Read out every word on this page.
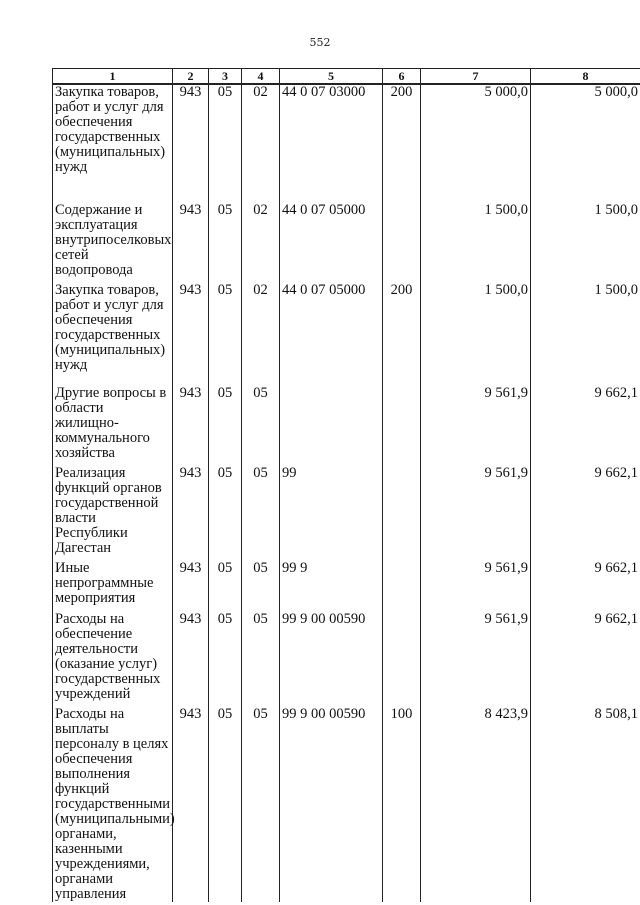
552
1	2	3	4	5	6	7	8

Закупка товаров, работ и услуг для обеспечения государственных (муниципальных) нужд	943	05	02	44 0 07 03000	200	5 000,0	5 000,0

Содержание и эксплуатация внутрипоселковых сетей водопровода	943	05	02	44 0 07 05000		1 500,0	1 500,0

Закупка товаров, работ и услуг для обеспечения государственных (муниципальных) нужд	943	05	02	44 0 07 05000	200	1 500,0	1 500,0

Другие вопросы в области жилищно-коммунального хозяйства	943	05	05			9 561,9	9 662,1

Реализация функций органов государственной власти Республики Дагестан	943	05	05	99		9 561,9	9 662,1

Иные непрограммные мероприятия	943	05	05	99 9		9 561,9	9 662,1

Расходы на обеспечение деятельности (оказание услуг) государственных учреждений	943	05	05	99 9 00 00590		9 561,9	9 662,1

Расходы на выплаты персоналу в целях обеспечения выполнения функций государственными (муниципальными) органами, казенными учреждениями, органами управления	943	05	05	99 9 00 00590	100	8 423,9	8 508,1
